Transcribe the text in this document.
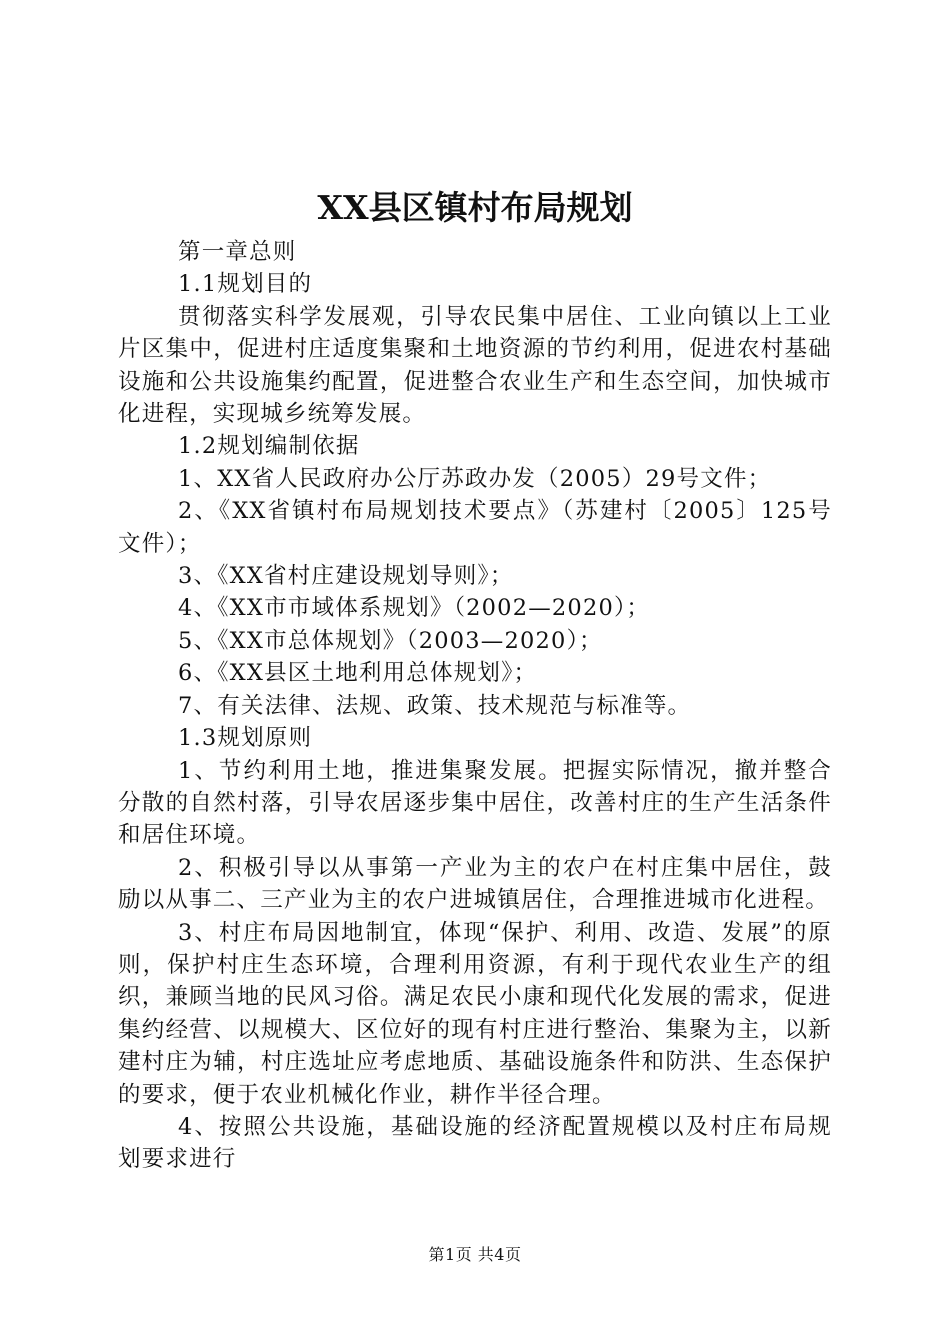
XX县区镇村布局规划

第一章总则

1.1规划目的

贯彻落实科学发展观，引导农民集中居住、工业向镇以上工业片区集中，促进村庄适度集聚和土地资源的节约利用，促进农村基础设施和公共设施集约配置，促进整合农业生产和生态空间，加快城市化进程，实现城乡统筹发展。

1.2规划编制依据

1、XX省人民政府办公厅苏政办发（2005）29号文件；

2、《XX省镇村布局规划技术要点》（苏建村〔2005〕125号文件）；

3、《XX省村庄建设规划导则》；

4、《XX市市域体系规划》（2002—2020）；

5、《XX市总体规划》（2003—2020）；

6、《XX县区土地利用总体规划》；

7、有关法律、法规、政策、技术规范与标准等。

1.3规划原则

1、节约利用土地，推进集聚发展。把握实际情况，撤并整合分散的自然村落，引导农居逐步集中居住，改善村庄的生产生活条件和居住环境。

2、积极引导以从事第一产业为主的农户在村庄集中居住，鼓励以从事二、三产业为主的农户进城镇居住，合理推进城市化进程。

3、村庄布局因地制宜，体现“保护、利用、改造、发展”的原则，保护村庄生态环境，合理利用资源，有利于现代农业生产的组织，兼顾当地的民风习俗。满足农民小康和现代化发展的需求，促进集约经营、以规模大、区位好的现有村庄进行整治、集聚为主，以新建村庄为辅，村庄选址应考虑地质、基础设施条件和防洪、生态保护的要求，便于农业机械化作业，耕作半径合理。

4、按照公共设施，基础设施的经济配置规模以及村庄布局规划要求进行

第1页 共4页
